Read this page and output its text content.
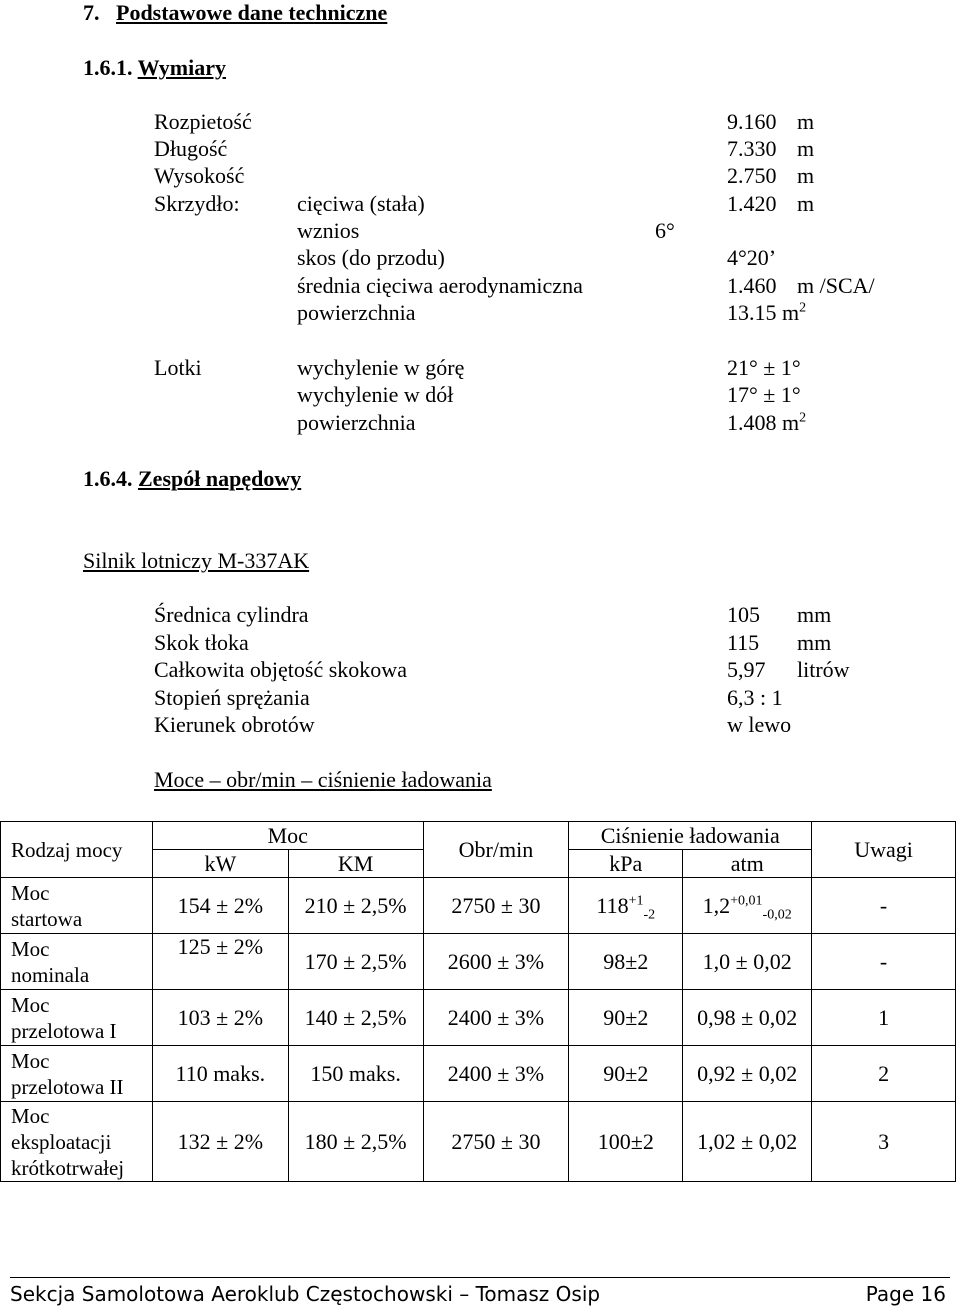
7. Podstawowe dane techniczne
1.6.1. Wymiary
Rozpietość	9.160 m
Długość	7.330 m
Wysokość	2.750 m
Skrzydło:	cięciwa (stała)	1.420 m
wznios	6°
skos (do przodu)	4°20’
średnia cięciwa aerodynamiczna	1.460 m /SCA/
powierzchnia	13.15 $m^2$
Lotki	wychylenie w górę	21° ± 1°
wychylenie w dół	17° ± 1°
powierzchnia	1.408 $m^2$
1.6.4. Zespół napędowy
Silnik lotniczy M-337AK
Średnica cylindra	105 mm
Skok tłoka	115 mm
Całkowita objętość skokowa	5,97 litrów
Stopień sprężania	6,3 : 1
Kierunek obrotów	w lewo
Moce – obr/min – ciśnienie ładowania
Rodzaj mocy	Moc		Obr/min	Ciśnienie ładowania		Uwagi
	kW	KM		kPa	atm	
Moc
startowa	154 ± 2%	210 ± 2,5%	2750 ± 30	$118^{+1}_{-2}$	$1,2^{+0,01}_{-0,02}$	-
Moc
nominala	125 ± 2%	170 ± 2,5%	2600 ± 3%	98±2	1,0 ± 0,02	-
Moc
przelotowa I	103 ± 2%	140 ± 2,5%	2400 ± 3%	90±2	0,98 ± 0,02	1
Moc
przelotowa II	110 maks.	150 maks.	2400 ± 3%	90±2	0,92 ± 0,02	2
Moc
eksploatacji
krótkotrwałej	132 ± 2%	180 ± 2,5%	2750 ± 30	100±2	1,02 ± 0,02	3
Sekcja Samolotowa Aeroklub Częstochowski – Tomasz Osip	Page 16
